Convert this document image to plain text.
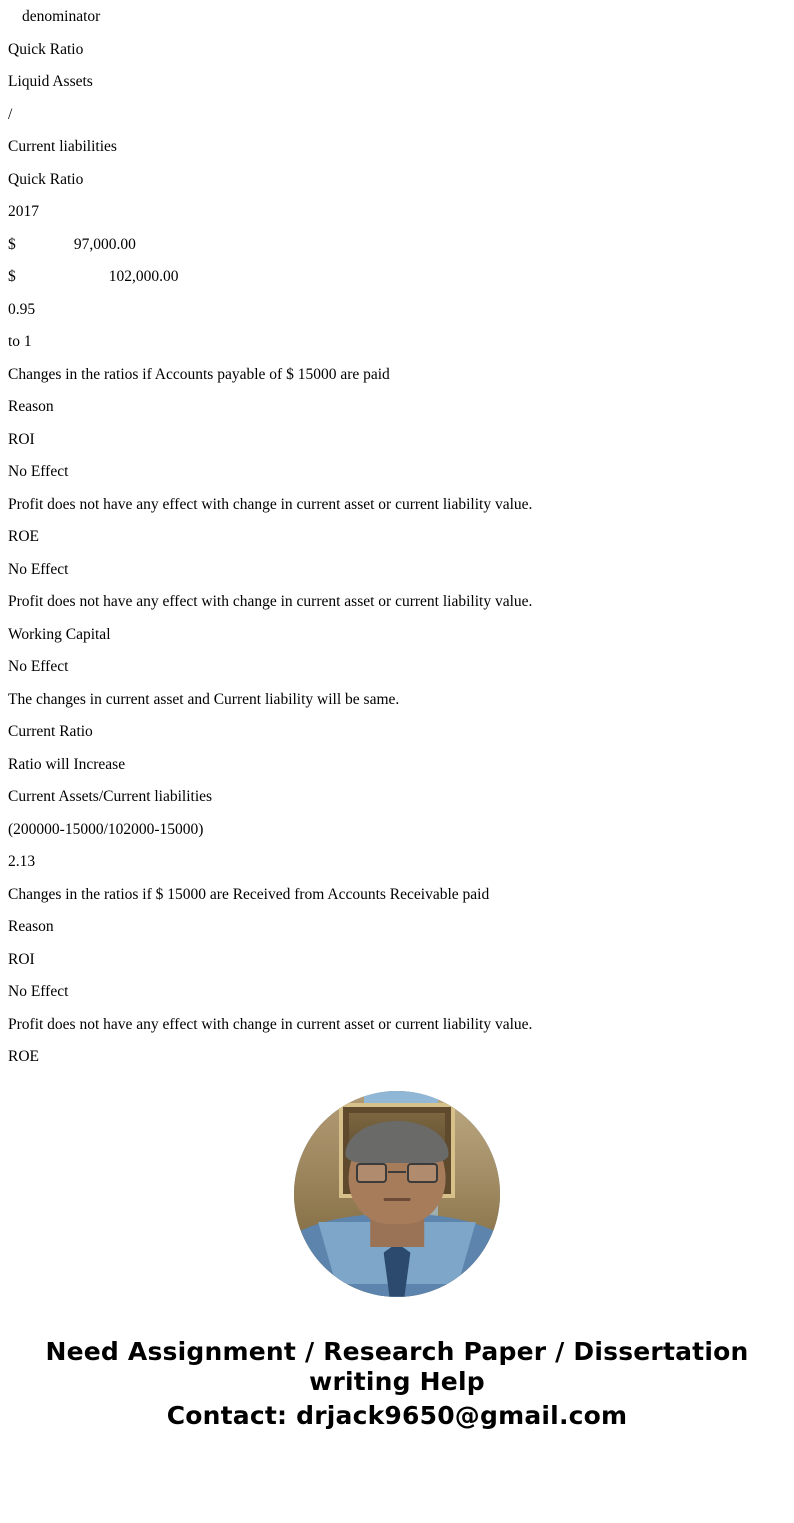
denominator
Quick Ratio
Liquid Assets
/
Current liabilities
Quick Ratio
2017
$               97,000.00
$                        102,000.00
0.95
to 1
Changes in the ratios if Accounts payable of $ 15000 are paid
Reason
ROI
No Effect
Profit does not have any effect with change in current asset or current liability value.
ROE
No Effect
Profit does not have any effect with change in current asset or current liability value.
Working Capital
No Effect
The changes in current asset and Current liability will be same.
Current Ratio
Ratio will Increase
Current Assets/Current liabilities
(200000-15000/102000-15000)
2.13
Changes in the ratios if $ 15000 are Received from Accounts Receivable paid
Reason
ROI
No Effect
Profit does not have any effect with change in current asset or current liability value.
ROE
Need Assignment / Research Paper / Dissertation writing Help
Contact: drjack9650@gmail.com
